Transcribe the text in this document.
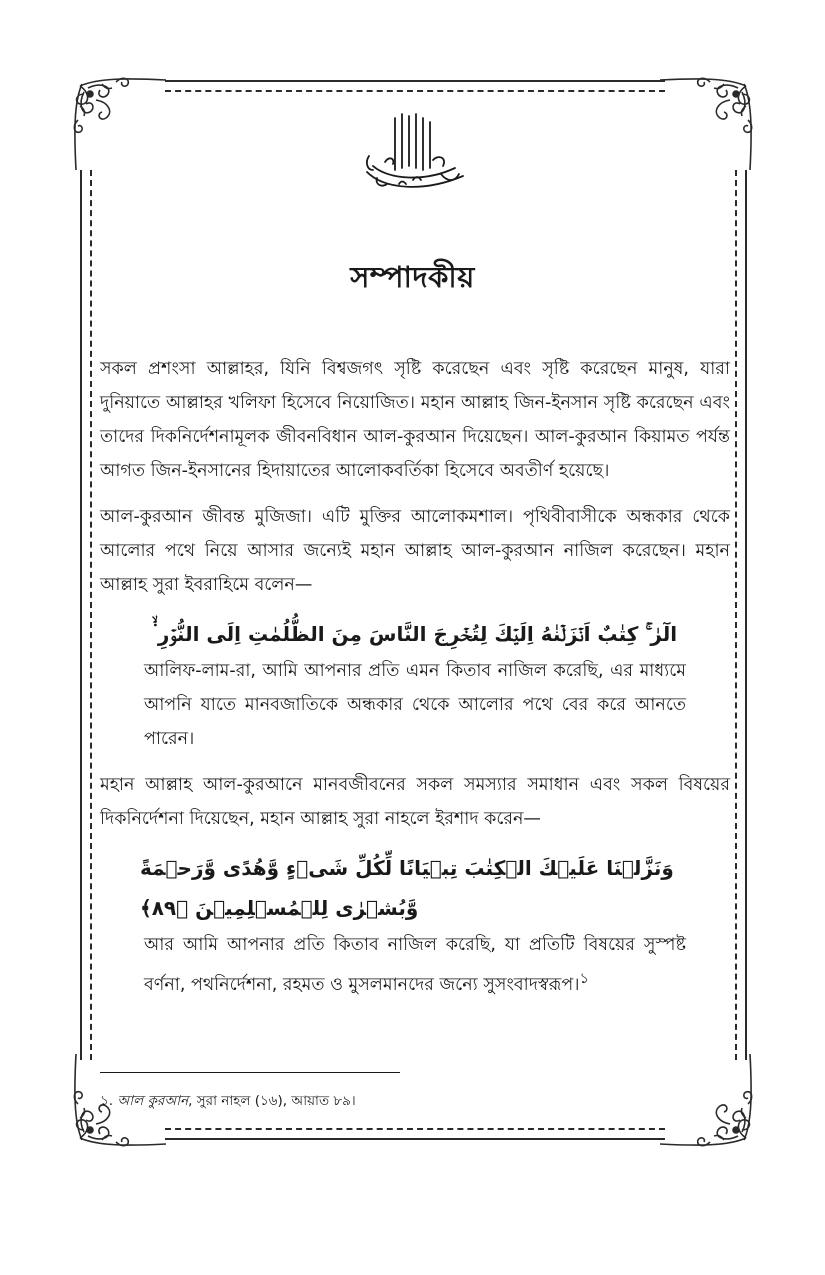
সম্পাদকীয়

সকল প্রশংসা আল্লাহর, যিনি বিশ্বজগৎ সৃষ্টি করেছেন এবং সৃষ্টি করেছেন মানুষ, যারা দুনিয়াতে আল্লাহর খলিফা হিসেবে নিয়োজিত। মহান আল্লাহ জিন-ইনসান সৃষ্টি করেছেন এবং তাদের দিকনির্দেশনামূলক জীবনবিধান আল-কুরআন দিয়েছেন। আল-কুরআন কিয়ামত পর্যন্ত আগত জিন-ইনসানের হিদায়াতের আলোকবর্তিকা হিসেবে অবতীর্ণ হয়েছে।

আল-কুরআন জীবন্ত মুজিজা। এটি মুক্তির আলোকমশাল। পৃথিবীবাসীকে অন্ধকার থেকে আলোর পথে নিয়ে আসার জন্যেই মহান আল্লাহ আল-কুরআন নাজিল করেছেন। মহান আল্লাহ সুরা ইবরাহিমে বলেন—

الٓرٰ ۚ كِتٰبٌ اَنۡزَلۡنٰهُ اِلَیۡكَ لِتُخۡرِجَ النَّاسَ مِنَ الظُّلُمٰتِ اِلَی النُّوۡرِ ۬ۙ

আলিফ-লাম-রা, আমি আপনার প্রতি এমন কিতাব নাজিল করেছি, এর মাধ্যমে আপনি যাতে মানবজাতিকে অন্ধকার থেকে আলোর পথে বের করে আনতে পারেন।

মহান আল্লাহ আল-কুরআনে মানবজীবনের সকল সমস্যার সমাধান এবং সকল বিষয়ের দিকনির্দেশনা দিয়েছেন, মহান আল্লাহ সুরা নাহলে ইরশাদ করেন—

وَنَزَّلۡنَا عَلَیۡكَ الۡكِتٰبَ تِبۡیَانًا لِّكُلِّ شَیۡءٍ وَّهُدًی وَّرَحۡمَةً وَّبُشۡرٰی لِلۡمُسۡلِمِیۡنَ ﴿۸۹﴾

আর আমি আপনার প্রতি কিতাব নাজিল করেছি, যা প্রতিটি বিষয়ের সুস্পষ্ট বর্ণনা, পথনির্দেশনা, রহমত ও মুসলমানদের জন্যে সুসংবাদস্বরূপ।$^১$

১. আল কুরআন, সুরা নাহল (১৬), আয়াত ৮৯।
